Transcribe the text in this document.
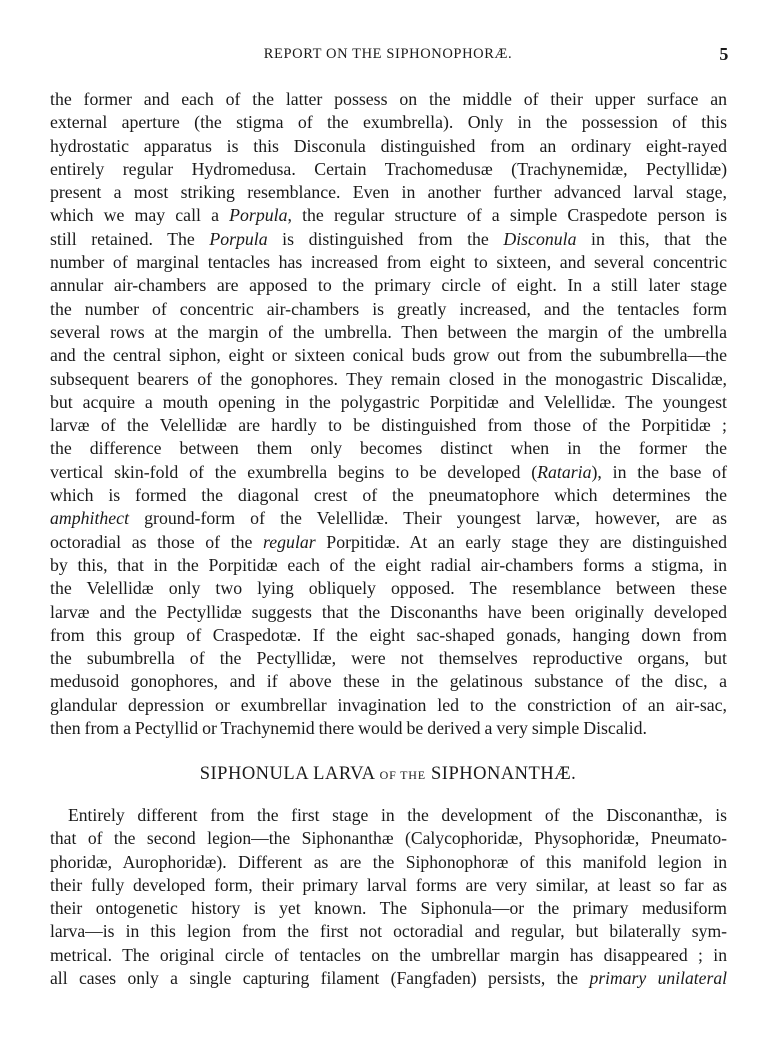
REPORT ON THE SIPHONOPHORÆ.	5
the former and each of the latter possess on the middle of their upper surface an
external aperture (the stigma of the exumbrella). Only in the possession of this
hydrostatic apparatus is this Disconula distinguished from an ordinary eight-rayed
entirely regular Hydromedusa. Certain Trachomedusæ (Trachynemidæ, Pectyllidæ)
present a most striking resemblance. Even in another further advanced larval stage,
which we may call a Porpula, the regular structure of a simple Craspedote person is
still retained. The Porpula is distinguished from the Disconula in this, that the
number of marginal tentacles has increased from eight to sixteen, and several concentric
annular air-chambers are apposed to the primary circle of eight. In a still later stage
the number of concentric air-chambers is greatly increased, and the tentacles form
several rows at the margin of the umbrella. Then between the margin of the umbrella
and the central siphon, eight or sixteen conical buds grow out from the subumbrella—the
subsequent bearers of the gonophores. They remain closed in the monogastric Discalidæ,
but acquire a mouth opening in the polygastric Porpitidæ and Velellidæ. The youngest
larvæ of the Velellidæ are hardly to be distinguished from those of the Porpitidæ ;
the difference between them only becomes distinct when in the former the
vertical skin-fold of the exumbrella begins to be developed (Rataria), in the base of
which is formed the diagonal crest of the pneumatophore which determines the
amphithect ground-form of the Velellidæ. Their youngest larvæ, however, are as
octoradial as those of the regular Porpitidæ. At an early stage they are distinguished
by this, that in the Porpitidæ each of the eight radial air-chambers forms a stigma, in
the Velellidæ only two lying obliquely opposed. The resemblance between these
larvæ and the Pectyllidæ suggests that the Disconanths have been originally developed
from this group of Craspedotæ. If the eight sac-shaped gonads, hanging down from
the subumbrella of the Pectyllidæ, were not themselves reproductive organs, but
medusoid gonophores, and if above these in the gelatinous substance of the disc, a
glandular depression or exumbrellar invagination led to the constriction of an air-sac,
then from a Pectyllid or Trachynemid there would be derived a very simple Discalid.
SIPHONULA LARVA OF THE SIPHONANTHÆ.
Entirely different from the first stage in the development of the Disconanthæ, is
that of the second legion—the Siphonanthæ (Calycophoridæ, Physophoridæ, Pneumato-
phoridæ, Aurophoridæ). Different as are the Siphonophoræ of this manifold legion in
their fully developed form, their primary larval forms are very similar, at least so far as
their ontogenetic history is yet known. The Siphonula—or the primary medusiform
larva—is in this legion from the first not octoradial and regular, but bilaterally sym-
metrical. The original circle of tentacles on the umbrellar margin has disappeared ; in
all cases only a single capturing filament (Fangfaden) persists, the primary unilateral
